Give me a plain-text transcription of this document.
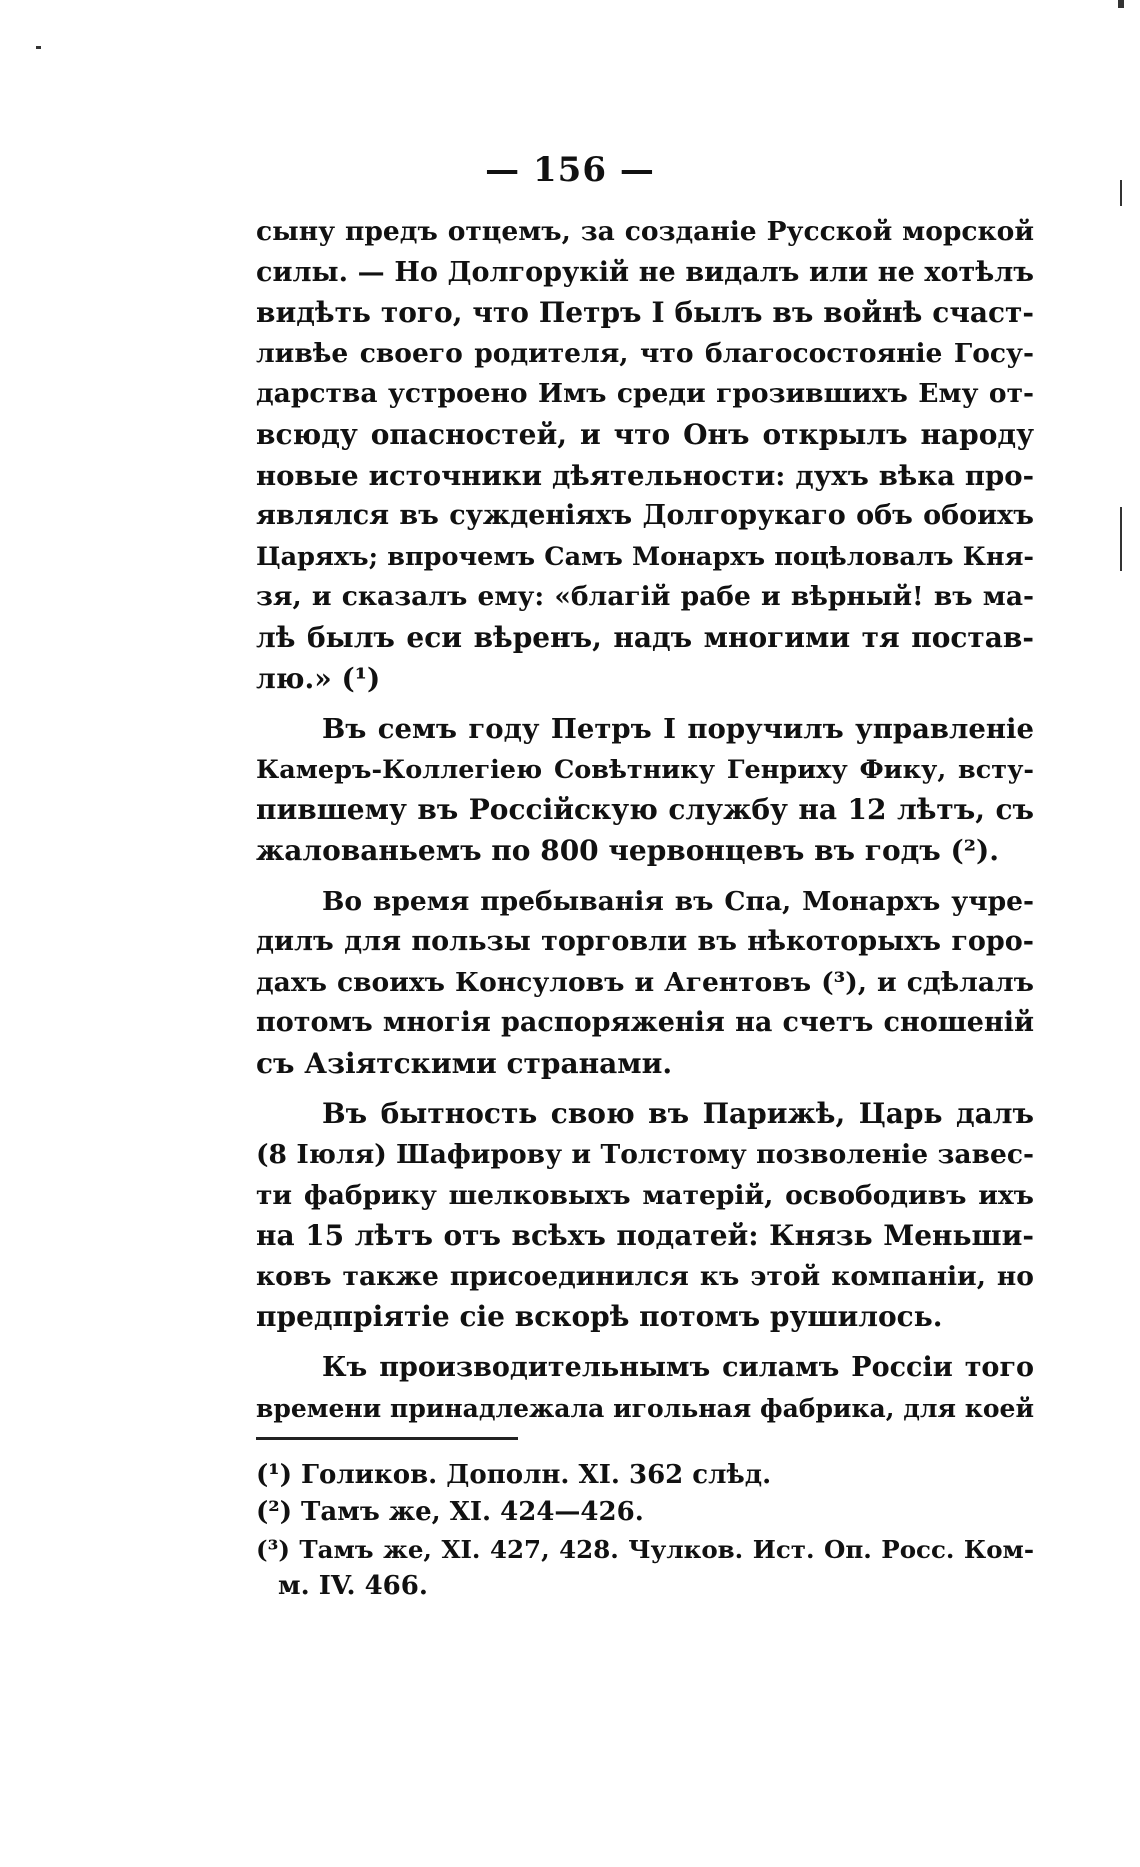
— 156 —
сыну предъ отцемъ, за созданіе Русской морской
силы. — Но Долгорукій не видалъ или не хотѣлъ
видѣть того, что Петръ I былъ въ войнѣ счаст-
ливѣе своего родителя, что благосостояніе Госу-
дарства устроено Имъ среди грозившихъ Ему от-
всюду опасностей, и что Онъ открылъ народу
новые источники дѣятельности: духъ вѣка про-
являлся въ сужденіяхъ Долгорукаго объ обоихъ
Царяхъ; впрочемъ Самъ Монархъ поцѣловалъ Кня-
зя, и сказалъ ему: «благій рабе и вѣрный! въ ма-
лѣ былъ еси вѣренъ, надъ многими тя постав-
лю.» (¹)
Въ семъ году Петръ I поручилъ управленіе
Камеръ-Коллегіею Совѣтнику Генриху Фику, всту-
пившему въ Россійскую службу на 12 лѣтъ, съ
жалованьемъ по 800 червонцевъ въ годъ (²).
Во время пребыванія въ Спа, Монархъ учре-
дилъ для пользы торговли въ нѣкоторыхъ горо-
дахъ своихъ Консуловъ и Агентовъ (³), и сдѣлалъ
потомъ многія распоряженія на счетъ сношеній
съ Азіятскими странами.
Въ бытность свою въ Парижѣ, Царь далъ
(8 Іюля) Шафирову и Толстому позволеніе завес-
ти фабрику шелковыхъ матерій, освободивъ ихъ
на 15 лѣтъ отъ всѣхъ податей: Князь Меньши-
ковъ также присоединился къ этой компаніи, но
предпріятіе сіе вскорѣ потомъ рушилось.
Къ производительнымъ силамъ Россіи того
времени принадлежала игольная фабрика, для коей
(¹) Голиков. Дополн. XI. 362 слѣд.
(²) Тамъ же, XI. 424—426.
(³) Тамъ же, XI. 427, 428. Чулков. Ист. Оп. Росс. Ком-
м. IV. 466.
